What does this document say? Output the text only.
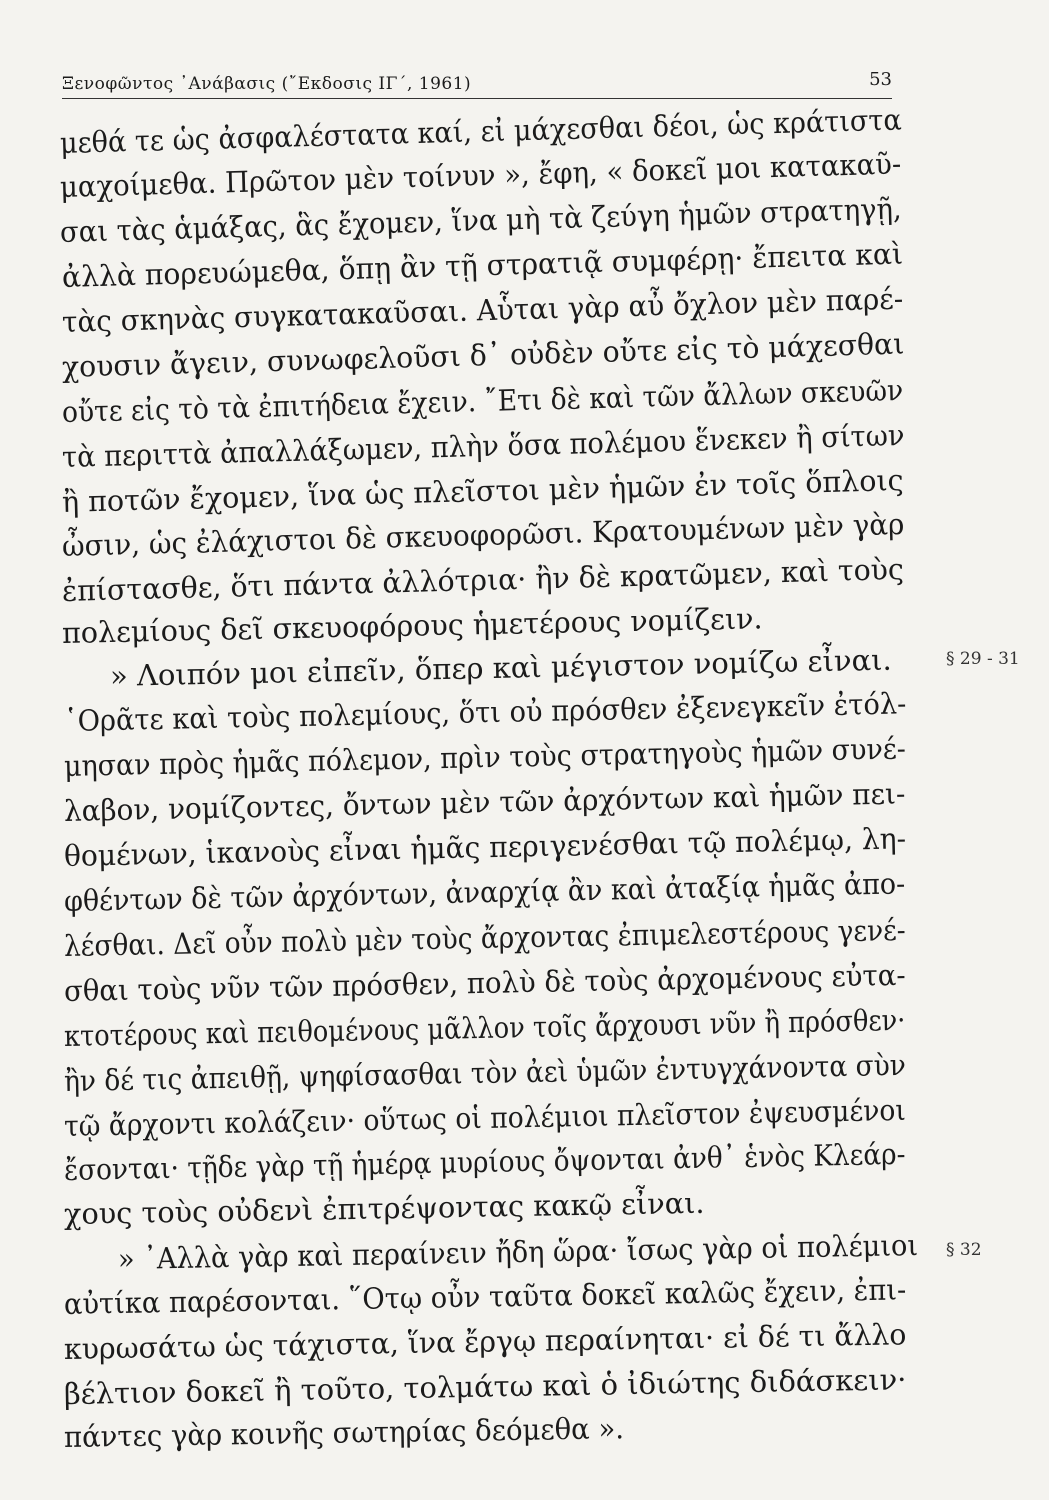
Ξενοφῶντος ᾿Ανάβασις (῎Εκδοσις ΙΓ΄, 1961)	53
μεθά τε ὡς ἀσφαλέστατα καί, εἰ μάχεσθαι δέοι, ὡς κράτιστα
μαχοίμεθα. Πρῶτον μὲν τοίνυν », ἔφη, « δοκεῖ μοι κατακαῦ-
σαι τὰς ἁμάξας, ἃς ἔχομεν, ἵνα μὴ τὰ ζεύγη ἡμῶν στρατηγῇ,
ἀλλὰ πορευώμεθα, ὅπῃ ἂν τῇ στρατιᾷ συμφέρῃ· ἔπειτα καὶ
τὰς σκηνὰς συγκατακαῦσαι. Αὗται γὰρ αὖ ὄχλον μὲν παρέ-
χουσιν ἄγειν, συνωφελοῦσι δ᾿ οὐδὲν οὔτε εἰς τὸ μάχεσθαι
οὔτε εἰς τὸ τὰ ἐπιτήδεια ἔχειν. ῎Ετι δὲ καὶ τῶν ἄλλων σκευῶν
τὰ περιττὰ ἀπαλλάξωμεν, πλὴν ὅσα πολέμου ἕνεκεν ἢ σίτων
ἢ ποτῶν ἔχομεν, ἵνα ὡς πλεῖστοι μὲν ἡμῶν ἐν τοῖς ὅπλοις
ὦσιν, ὡς ἐλάχιστοι δὲ σκευοφορῶσι. Κρατουμένων μὲν γὰρ
ἐπίστασθε, ὅτι πάντα ἀλλότρια· ἢν δὲ κρατῶμεν, καὶ τοὺς
πολεμίους δεῖ σκευοφόρους ἡμετέρους νομίζειν.
» Λοιπόν μοι εἰπεῖν, ὅπερ καὶ μέγιστον νομίζω εἶναι.
῾Ορᾶτε καὶ τοὺς πολεμίους, ὅτι οὐ πρόσθεν ἐξενεγκεῖν ἐτόλ-
μησαν πρὸς ἡμᾶς πόλεμον, πρὶν τοὺς στρατηγοὺς ἡμῶν συνέ-
λαβον, νομίζοντες, ὄντων μὲν τῶν ἀρχόντων καὶ ἡμῶν πει-
θομένων, ἱκανοὺς εἶναι ἡμᾶς περιγενέσθαι τῷ πολέμῳ, λη-
φθέντων δὲ τῶν ἀρχόντων, ἀναρχίᾳ ἂν καὶ ἀταξίᾳ ἡμᾶς ἀπο-
λέσθαι. Δεῖ οὖν πολὺ μὲν τοὺς ἄρχοντας ἐπιμελεστέρους γενέ-
σθαι τοὺς νῦν τῶν πρόσθεν, πολὺ δὲ τοὺς ἀρχομένους εὐτα-
κτοτέρους καὶ πειθομένους μᾶλλον τοῖς ἄρχουσι νῦν ἢ πρόσθεν·
ἢν δέ τις ἀπειθῇ, ψηφίσασθαι τὸν ἀεὶ ὑμῶν ἐντυγχάνοντα σὺν
τῷ ἄρχοντι κολάζειν· οὕτως οἱ πολέμιοι πλεῖστον ἐψευσμένοι
ἔσονται· τῇδε γὰρ τῇ ἡμέρᾳ μυρίους ὄψονται ἀνθ᾿ ἑνὸς Κλεάρ-
χους τοὺς οὐδενὶ ἐπιτρέψοντας κακῷ εἶναι.
» ᾿Αλλὰ γὰρ καὶ περαίνειν ἤδη ὥρα· ἴσως γὰρ οἱ πολέμιοι
αὐτίκα παρέσονται. ῞Οτῳ οὖν ταῦτα δοκεῖ καλῶς ἔχειν, ἐπι-
κυρωσάτω ὡς τάχιστα, ἵνα ἔργῳ περαίνηται· εἰ δέ τι ἄλλο
βέλτιον δοκεῖ ἢ τοῦτο, τολμάτω καὶ ὁ ἰδιώτης διδάσκειν·
πάντες γὰρ κοινῆς σωτηρίας δεόμεθα ».
§ 29 - 31
§ 32
